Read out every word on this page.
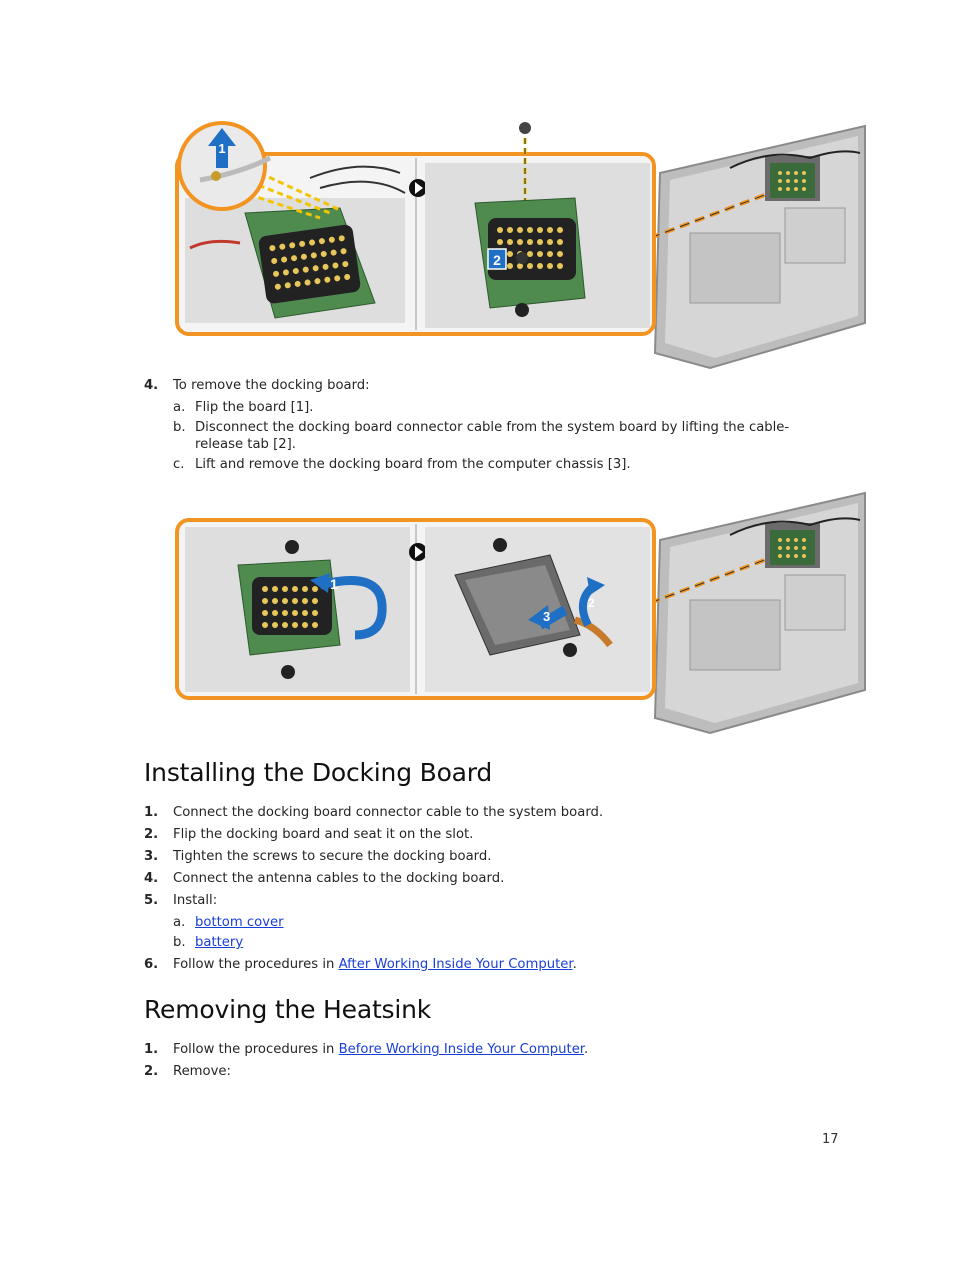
1
2
4.	To remove the docking board:
a. Flip the board [1].
b. Disconnect the docking board connector cable from the system board by lifting the cable-
release tab [2].
c. Lift and remove the docking board from the computer chassis [3].
1
3
2
Installing the Docking Board
1.	Connect the docking board connector cable to the system board.
2.	Flip the docking board and seat it on the slot.
3.	Tighten the screws to secure the docking board.
4.	Connect the antenna cables to the docking board.
5.	Install:
a. bottom cover
b. battery
6.	Follow the procedures in After Working Inside Your Computer.
Removing the Heatsink
1.	Follow the procedures in Before Working Inside Your Computer.
2.	Remove:
17
